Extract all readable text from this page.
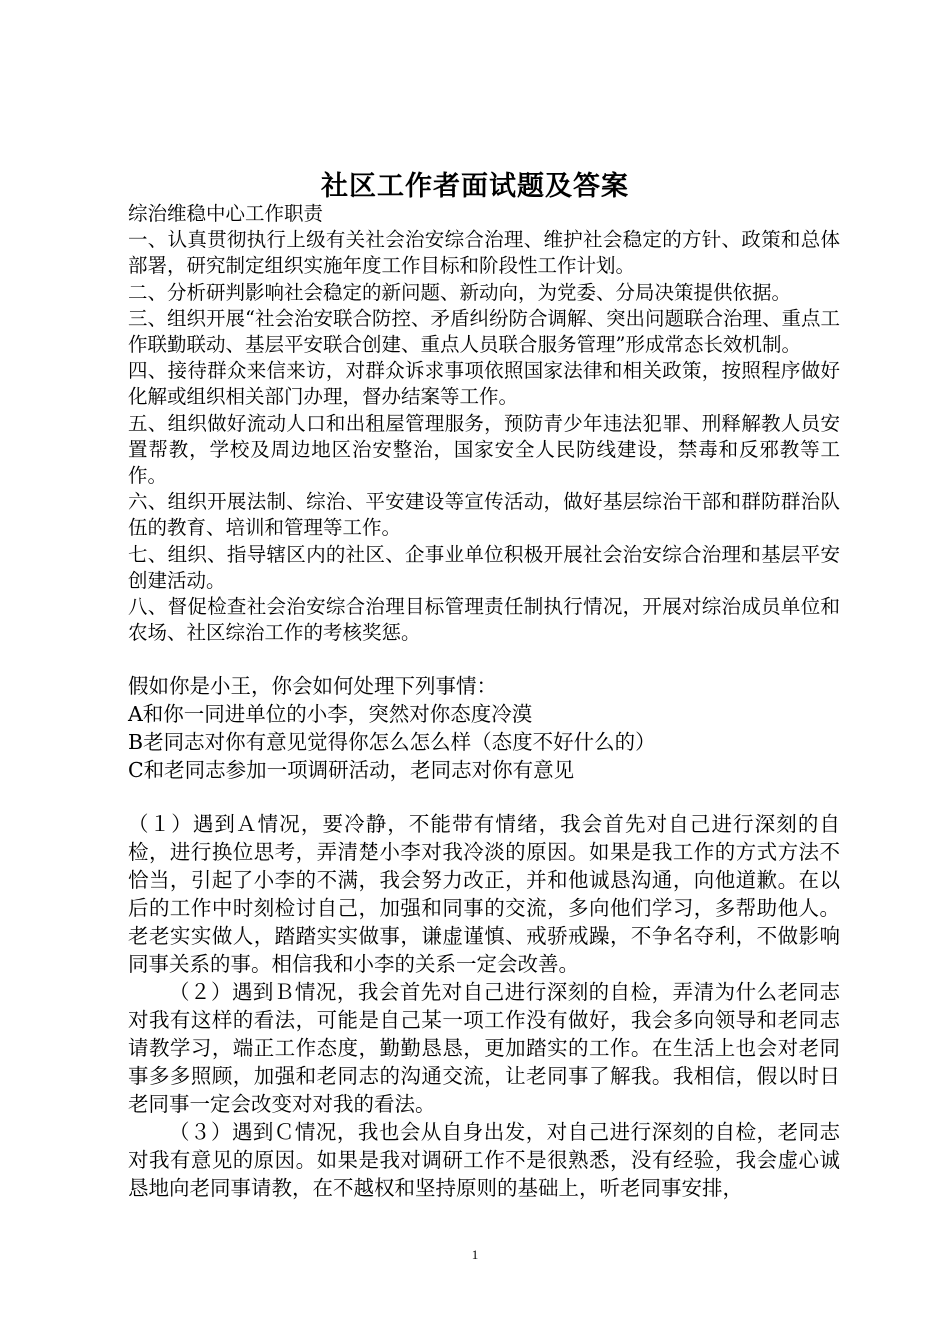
社区工作者面试题及答案

综治维稳中心工作职责

一、认真贯彻执行上级有关社会治安综合治理、维护社会稳定的方针、政策和总体部署，研究制定组织实施年度工作目标和阶段性工作计划。

二、分析研判影响社会稳定的新问题、新动向，为党委、分局决策提供依据。

三、组织开展“社会治安联合防控、矛盾纠纷防合调解、突出问题联合治理、重点工作联勤联动、基层平安联合创建、重点人员联合服务管理”形成常态长效机制。

四、接待群众来信来访，对群众诉求事项依照国家法律和相关政策，按照程序做好化解或组织相关部门办理，督办结案等工作。

五、组织做好流动人口和出租屋管理服务，预防青少年违法犯罪、刑释解教人员安置帮教，学校及周边地区治安整治，国家安全人民防线建设，禁毒和反邪教等工作。

六、组织开展法制、综治、平安建设等宣传活动，做好基层综治干部和群防群治队伍的教育、培训和管理等工作。

七、组织、指导辖区内的社区、企事业单位积极开展社会治安综合治理和基层平安创建活动。

八、督促检查社会治安综合治理目标管理责任制执行情况，开展对综治成员单位和农场、社区综治工作的考核奖惩。

假如你是小王，你会如何处理下列事情：

A和你一同进单位的小李，突然对你态度冷漠

B老同志对你有意见觉得你怎么怎么样（态度不好什么的）

C和老同志参加一项调研活动，老同志对你有意见

（１）遇到Ａ情况，要冷静，不能带有情绪，我会首先对自己进行深刻的自检，进行换位思考，弄清楚小李对我冷淡的原因。如果是我工作的方式方法不恰当，引起了小李的不满，我会努力改正，并和他诚恳沟通，向他道歉。在以后的工作中时刻检讨自己，加强和同事的交流，多向他们学习，多帮助他人。老老实实做人，踏踏实实做事，谦虚谨慎、戒骄戒躁，不争名夺利，不做影响同事关系的事。相信我和小李的关系一定会改善。

（２）遇到Ｂ情况，我会首先对自己进行深刻的自检，弄清为什么老同志对我有这样的看法，可能是自己某一项工作没有做好，我会多向领导和老同志请教学习，端正工作态度，勤勤恳恳，更加踏实的工作。在生活上也会对老同事多多照顾，加强和老同志的沟通交流，让老同事了解我。我相信，假以时日老同事一定会改变对对我的看法。

（３）遇到Ｃ情况，我也会从自身出发，对自己进行深刻的自检，老同志对我有意见的原因。如果是我对调研工作不是很熟悉，没有经验，我会虚心诚恳地向老同事请教，在不越权和坚持原则的基础上，听老同事安排，

1
